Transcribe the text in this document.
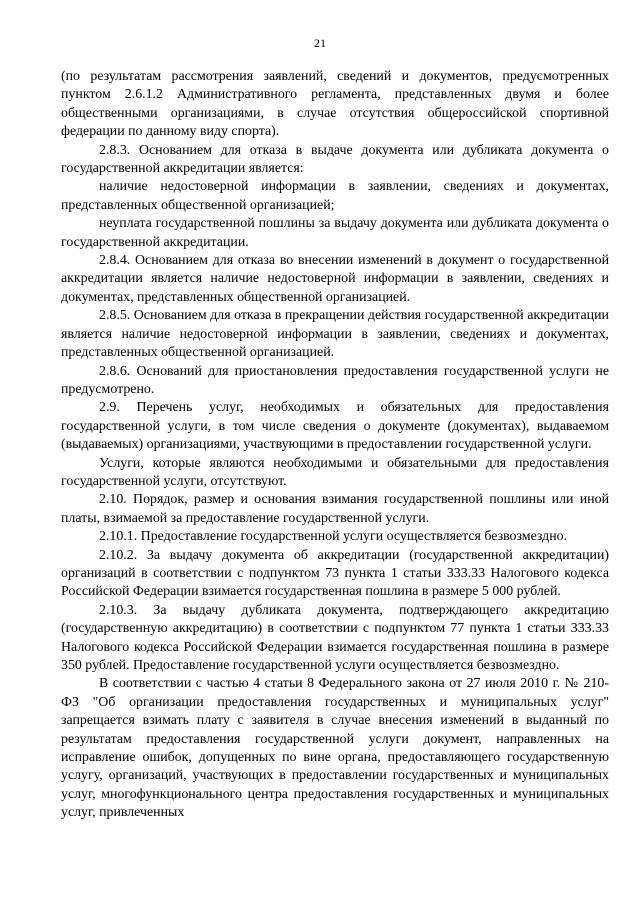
21

(по результатам рассмотрения заявлений, сведений и документов, предусмотренных пунктом 2.6.1.2 Административного регламента, представленных двумя и более общественными организациями, в случае отсутствия общероссийской спортивной федерации по данному виду спорта).

2.8.3. Основанием для отказа в выдаче документа или дубликата документа о государственной аккредитации является:

наличие недостоверной информации в заявлении, сведениях и документах, представленных общественной организацией;

неуплата государственной пошлины за выдачу документа или дубликата документа о государственной аккредитации.

2.8.4. Основанием для отказа во внесении изменений в документ о государственной аккредитации является наличие недостоверной информации в заявлении, сведениях и документах, представленных общественной организацией.

2.8.5. Основанием для отказа в прекращении действия государственной аккредитации является наличие недостоверной информации в заявлении, сведениях и документах, представленных общественной организацией.

2.8.6. Оснований для приостановления предоставления государственной услуги не предусмотрено.

2.9. Перечень услуг, необходимых и обязательных для предоставления государственной услуги, в том числе сведения о документе (документах), выдаваемом (выдаваемых) организациями, участвующими в предоставлении государственной услуги.

Услуги, которые являются необходимыми и обязательными для предоставления государственной услуги, отсутствуют.

2.10. Порядок, размер и основания взимания государственной пошлины или иной платы, взимаемой за предоставление государственной услуги.

2.10.1. Предоставление государственной услуги осуществляется безвозмездно.

2.10.2. За выдачу документа об аккредитации (государственной аккредитации) организаций в соответствии с подпунктом 73 пункта 1 статьи 333.33 Налогового кодекса Российской Федерации взимается государственная пошлина в размере 5 000 рублей.

2.10.3. За выдачу дубликата документа, подтверждающего аккредитацию (государственную аккредитацию) в соответствии с подпунктом 77 пункта 1 статьи 333.33 Налогового кодекса Российской Федерации взимается государственная пошлина в размере 350 рублей. Предоставление государственной услуги осуществляется безвозмездно.

В соответствии с частью 4 статьи 8 Федерального закона от 27 июля 2010 г. № 210-ФЗ "Об организации предоставления государственных и муниципальных услуг" запрещается взимать плату с заявителя в случае внесения изменений в выданный по результатам предоставления государственной услуги документ, направленных на исправление ошибок, допущенных по вине органа, предоставляющего государственную услугу, организаций, участвующих в предоставлении государственных и муниципальных услуг, многофункционального центра предоставления государственных и муниципальных услуг, привлеченных
